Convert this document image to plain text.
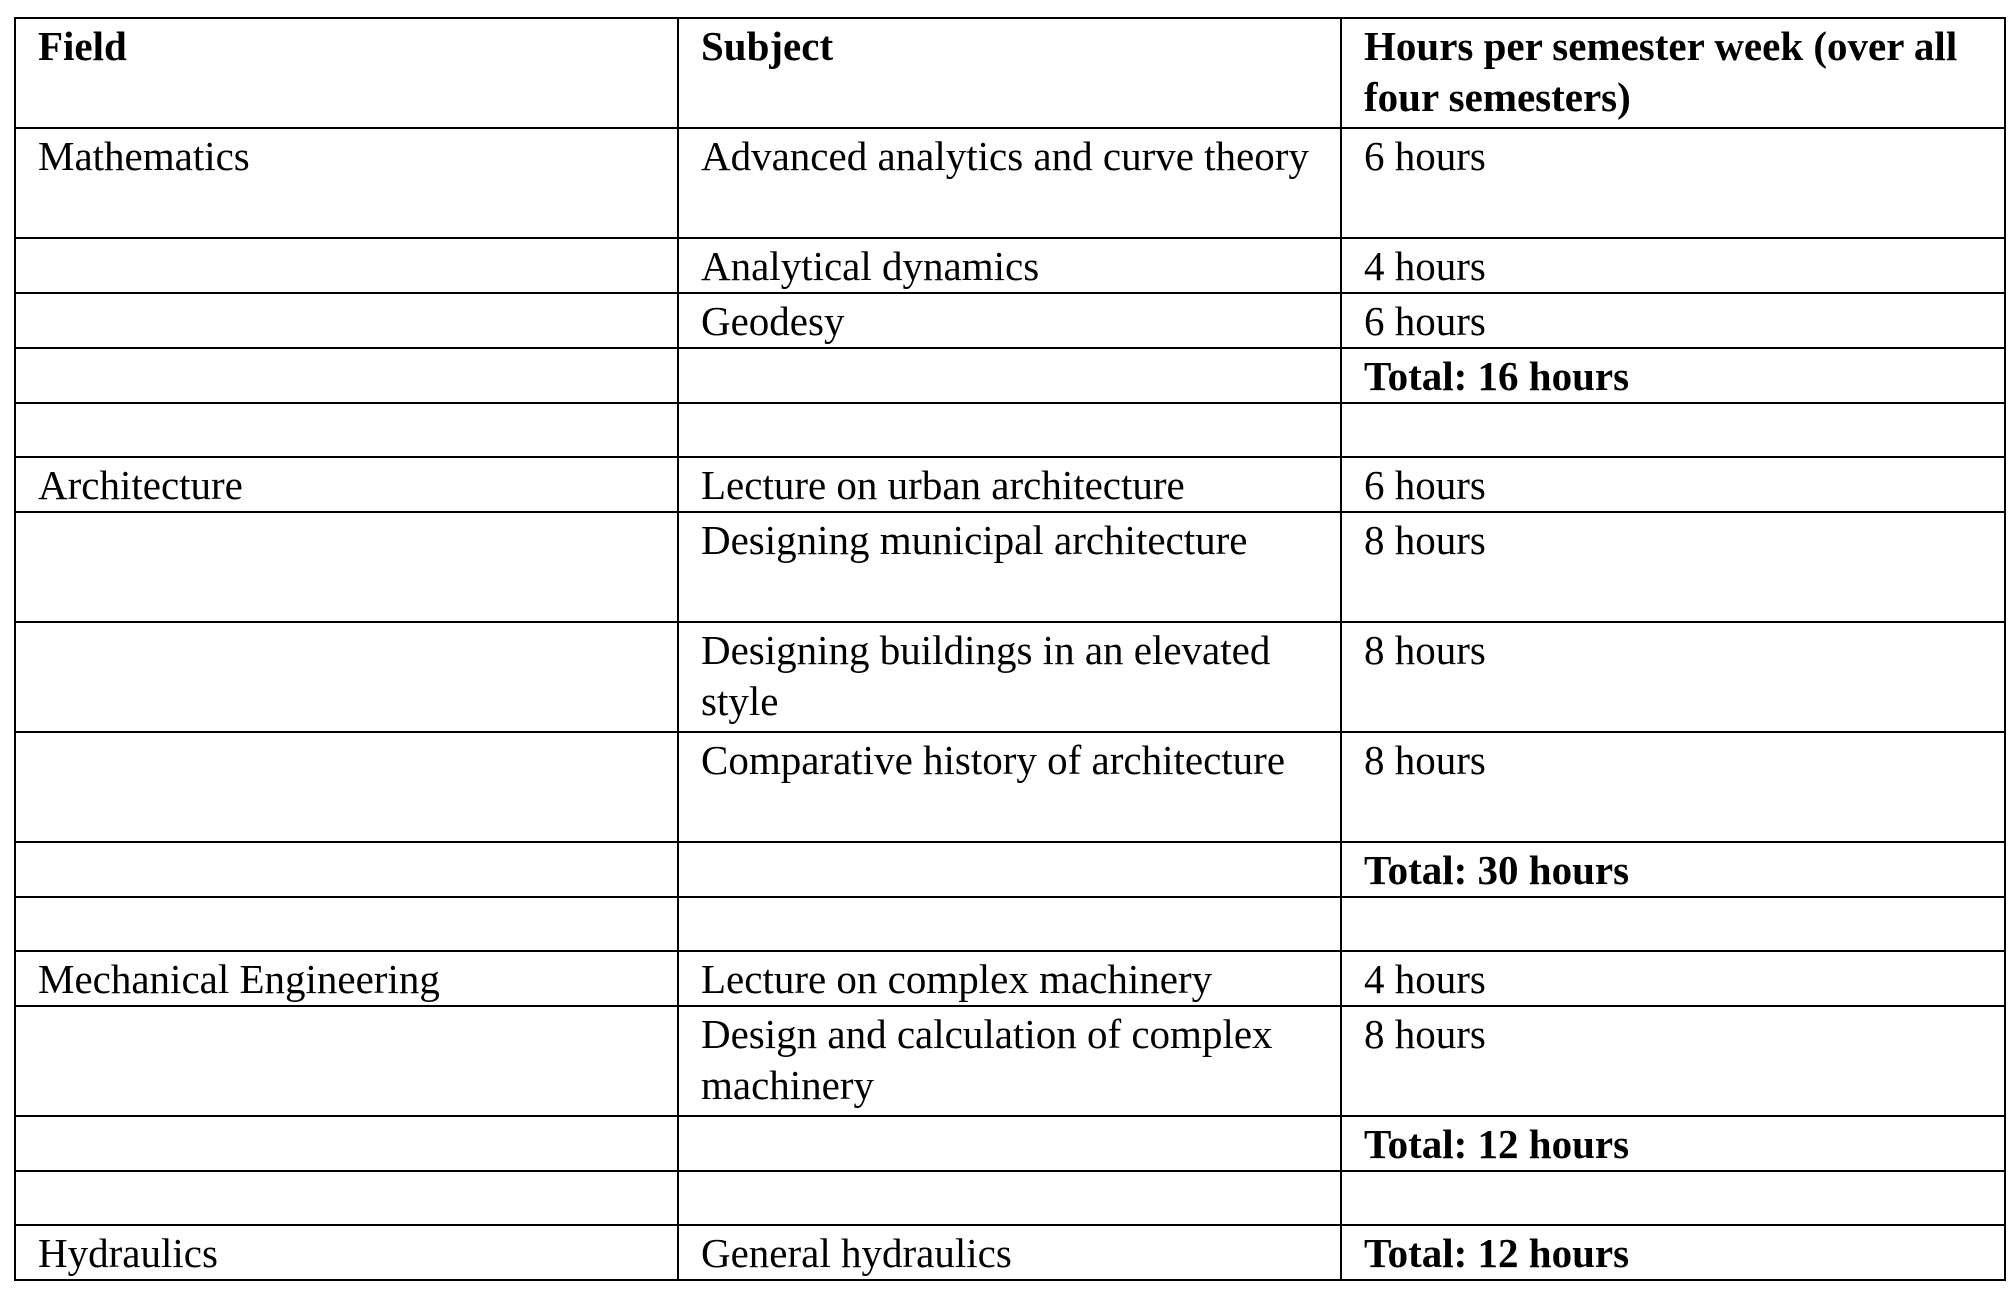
Field	Subject	Hours per semester week (over all four semesters)
Mathematics	Advanced analytics and curve theory	6 hours
	Analytical dynamics	4 hours
	Geodesy	6 hours
		Total: 16 hours

Architecture	Lecture on urban architecture	6 hours
	Designing municipal architecture	8 hours
	Designing buildings in an elevated style	8 hours
	Comparative history of architecture	8 hours
		Total: 30 hours

Mechanical Engineering	Lecture on complex machinery	4 hours
	Design and calculation of complex machinery	8 hours
		Total: 12 hours

Hydraulics	General hydraulics	Total: 12 hours
